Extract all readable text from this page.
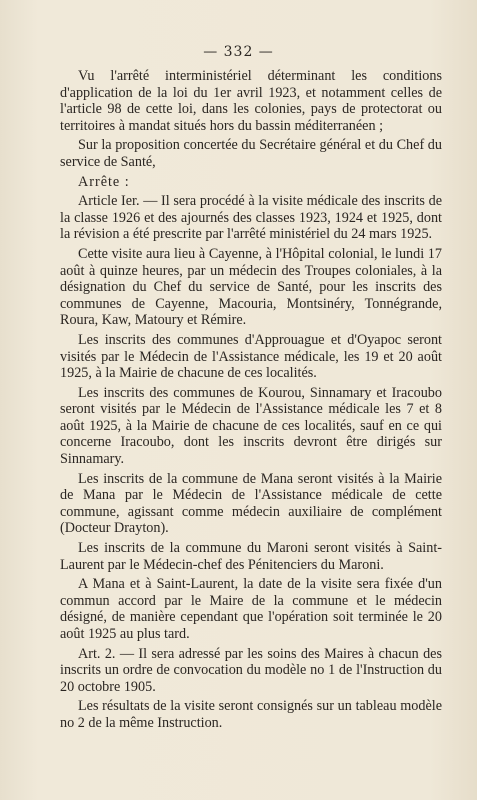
— 332 —

Vu l'arrêté interministériel déterminant les conditions d'application de la loi du 1er avril 1923, et notamment celles de l'article 98 de cette loi, dans les colonies, pays de protectorat ou territoires à mandat situés hors du bassin méditerranéen ;

Sur la proposition concertée du Secrétaire général et du Chef du service de Santé,

Arrête :

Article Ier. — Il sera procédé à la visite médicale des inscrits de la classe 1926 et des ajournés des classes 1923, 1924 et 1925, dont la révision a été prescrite par l'arrêté ministériel du 24 mars 1925.

Cette visite aura lieu à Cayenne, à l'Hôpital colonial, le lundi 17 août à quinze heures, par un médecin des Troupes coloniales, à la désignation du Chef du service de Santé, pour les inscrits des communes de Cayenne, Macouria, Montsinéry, Tonnégrande, Roura, Kaw, Matoury et Rémire.

Les inscrits des communes d'Approuague et d'Oyapoc seront visités par le Médecin de l'Assistance médicale, les 19 et 20 août 1925, à la Mairie de chacune de ces localités.

Les inscrits des communes de Kourou, Sinnamary et Iracoubo seront visités par le Médecin de l'Assistance médicale les 7 et 8 août 1925, à la Mairie de chacune de ces localités, sauf en ce qui concerne Iracoubo, dont les inscrits devront être dirigés sur Sinnamary.

Les inscrits de la commune de Mana seront visités à la Mairie de Mana par le Médecin de l'Assistance médicale de cette commune, agissant comme médecin auxiliaire de complément (Docteur Drayton).

Les inscrits de la commune du Maroni seront visités à Saint-Laurent par le Médecin-chef des Pénitenciers du Maroni.

A Mana et à Saint-Laurent, la date de la visite sera fixée d'un commun accord par le Maire de la commune et le médecin désigné, de manière cependant que l'opération soit terminée le 20 août 1925 au plus tard.

Art. 2. — Il sera adressé par les soins des Maires à chacun des inscrits un ordre de convocation du modèle no 1 de l'Instruction du 20 octobre 1905.

Les résultats de la visite seront consignés sur un tableau modèle no 2 de la même Instruction.
